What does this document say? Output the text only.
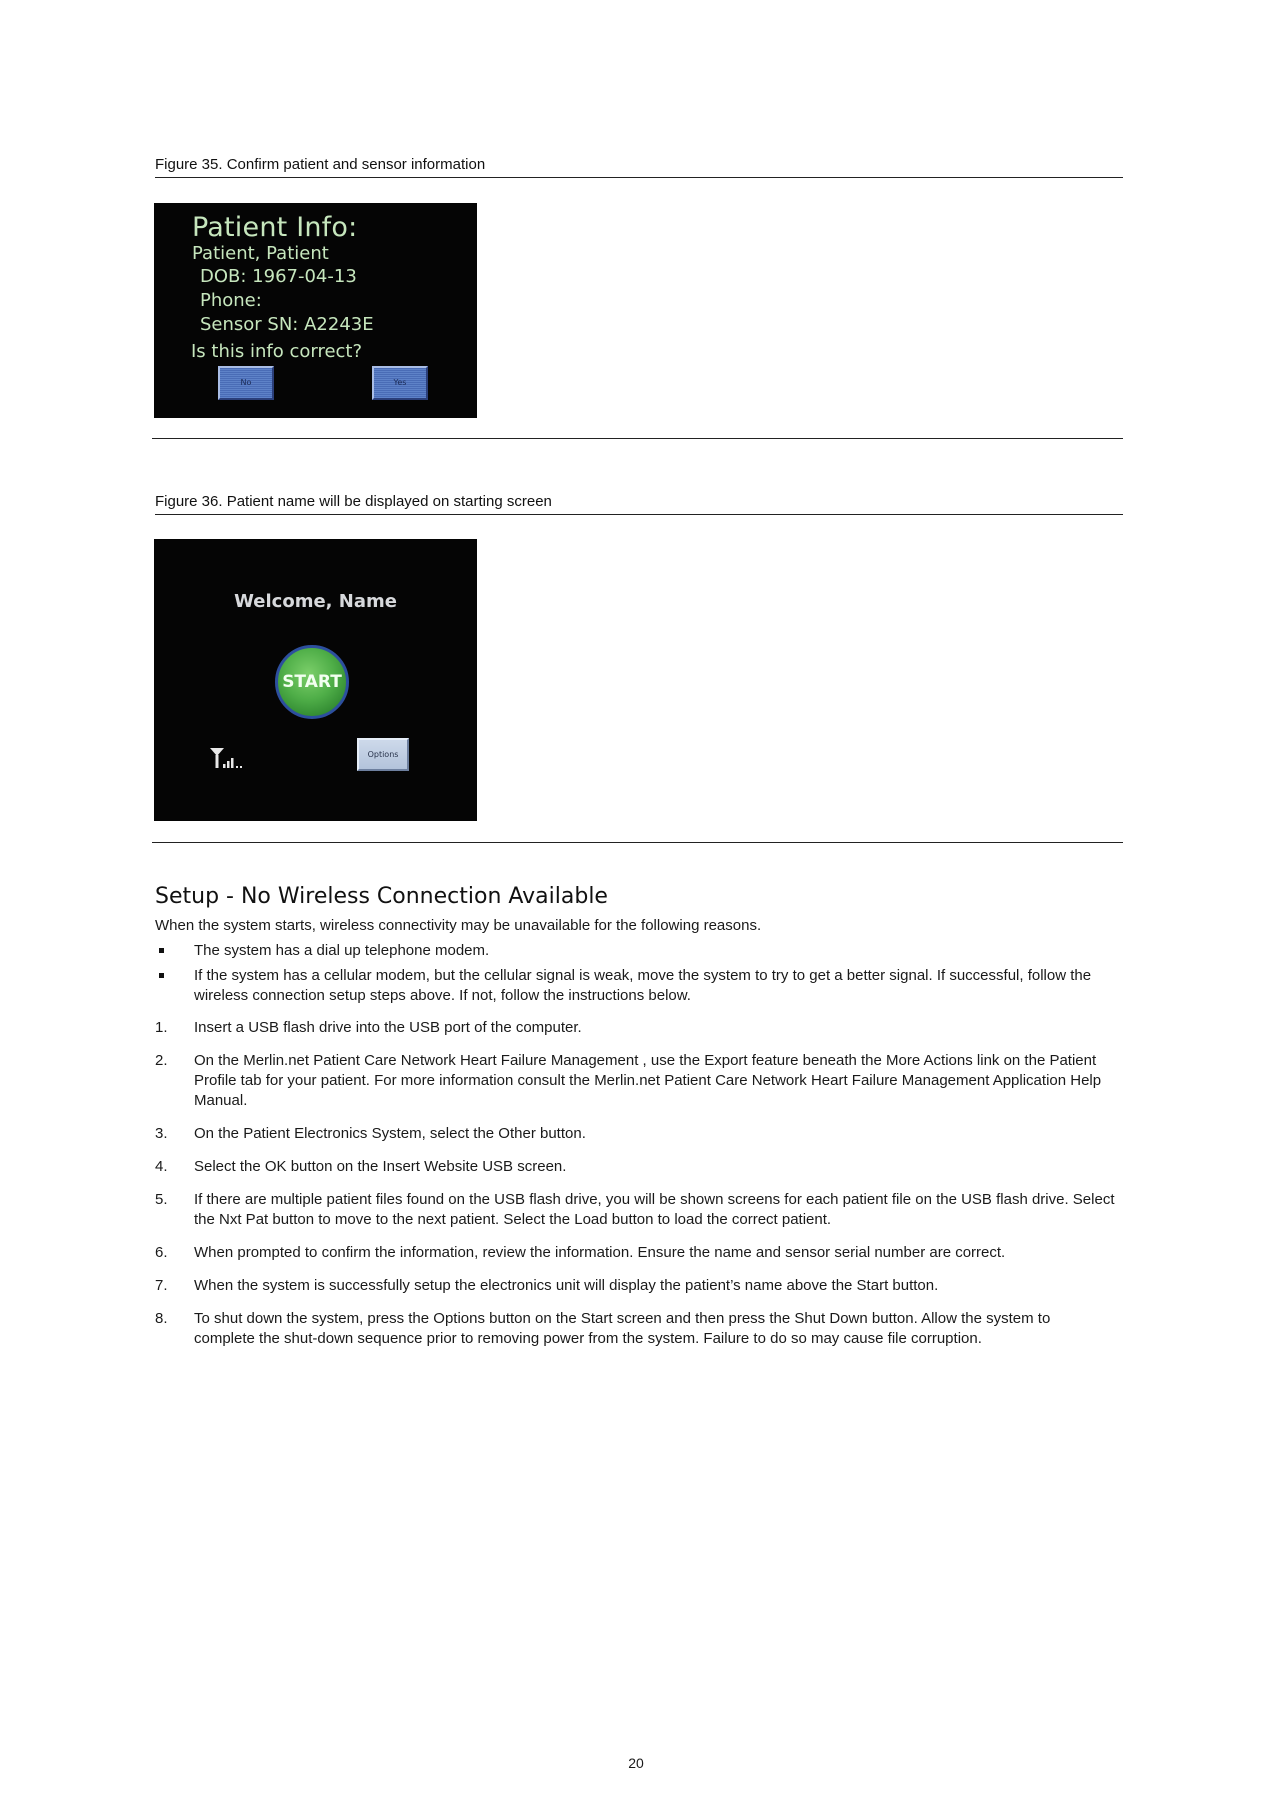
Figure 35. Confirm patient and sensor information
Patient Info:
Patient, Patient
DOB: 1967-04-13
Phone:
Sensor SN: A2243E
Is this info correct?
No	Yes
Figure 36. Patient name will be displayed on starting screen
Welcome, Name
START
Options
Setup - No Wireless Connection Available
When the system starts, wireless connectivity may be unavailable for the following reasons.
The system has a dial up telephone modem.
If the system has a cellular modem, but the cellular signal is weak, move the system to try to get a better signal. If successful, follow the wireless connection setup steps above. If not, follow the instructions below.
1.	Insert a USB flash drive into the USB port of the computer.
2.	On the Merlin.net Patient Care Network Heart Failure Management , use the Export feature beneath the More Actions link on the Patient Profile tab for your patient. For more information consult the Merlin.net Patient Care Network Heart Failure Management Application Help Manual.
3.	On the Patient Electronics System, select the Other button.
4.	Select the OK button on the Insert Website USB screen.
5.	If there are multiple patient files found on the USB flash drive, you will be shown screens for each patient file on the USB flash drive. Select the Nxt Pat button to move to the next patient. Select the Load button to load the correct patient.
6.	When prompted to confirm the information, review the information. Ensure the name and sensor serial number are correct.
7.	When the system is successfully setup the electronics unit will display the patient’s name above the Start button.
8.	To shut down the system, press the Options button on the Start screen and then press the Shut Down button. Allow the system to complete the shut-down sequence prior to removing power from the system. Failure to do so may cause file corruption.
20
